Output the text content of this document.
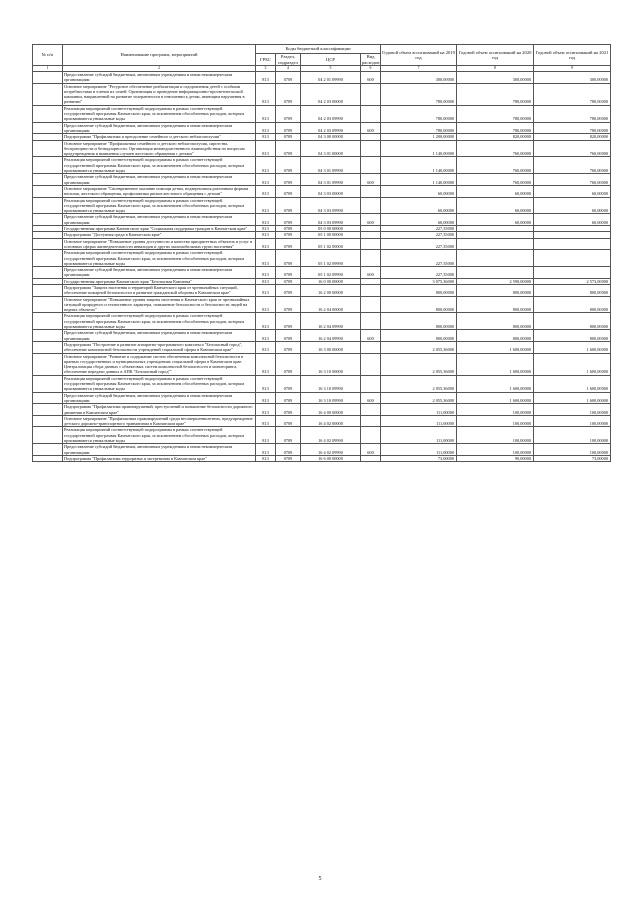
№ п/п	Наименование программ, мероприятий	Коды бюджетной классификации				Годовой объем ассигнований на 2019 год	Годовой объем ассигнований на 2020 год	Годовой объем ассигнований на 2021 год
		ГРБС	Раздел, подраздел	ЦСР	Вид расходов			
1	2	3	4	5	6	7	8	9
	Предоставление субсидий бюджетным, автономным учреждениям и иным некоммерческим организациям	813	0709	04 2 01 09990	600	300,00000	300,00000	300,00000
	Основное мероприятие "Ресурсное обеспечение реабилитации и оздоровления детей с особыми потребностями и членов их семей. Организация и проведение информационно-просветительской кампании, направленной на развитие толерантности в отношении к детям, имеющим нарушения в развитии"	813	0709	04 2 03 00000		780,00000	780,00000	780,00000
	Реализация мероприятий соответствующей подпрограммы в рамках соответствующей государственной программы Камчатского края, за исключением обособленных расходов, которым присваиваются уникальные коды	813	0709	04 2 03 09990		780,00000	780,00000	780,00000
	Предоставление субсидий бюджетным, автономным учреждениям и иным некоммерческим организациям	813	0709	04 2 03 09990	600	780,00000	780,00000	780,00000
	Подпрограмма "Профилактика и преодоление семейного и детского неблагополучия"	813	0709	04 3 00 00000		1 200,00000	820,00000	820,00000
	Основное мероприятие "Профилактика семейного и детского неблагополучия, сиротства, беспризорности и безнадзорности. Организация межведомственного взаимодействия по вопросам предупреждения и выявления случаев жестокого обращения с детьми"	813	0709	04 3 01 00000		1 140,00000	760,00000	760,00000
	Реализация мероприятий соответствующей подпрограммы в рамках соответствующей государственной программы Камчатского края, за исключением обособленных расходов, которым присваиваются уникальные коды	813	0709	04 3 01 09990		1 140,00000	760,00000	760,00000
	Предоставление субсидий бюджетным, автономным учреждениям и иным некоммерческим организациям	813	0709	04 3 01 09990	600	1 140,00000	760,00000	760,00000
	Основное мероприятие "Своевременное оказание помощи детям, подвергшимся различным формам насилия, жестокого обращения, профилактика рисков жестокого обращения с детьми"	813	0709	04 3 03 00000		60,00000	60,00000	60,00000
	Реализация мероприятий соответствующей подпрограммы в рамках соответствующей государственной программы Камчатского края, за исключением обособленных расходов, которым присваиваются уникальные коды	813	0709	04 3 03 09990		60,00000	60,00000	60,00000
	Предоставление субсидий бюджетным, автономным учреждениям и иным некоммерческим организациям	813	0709	04 3 03 09990	600	60,00000	60,00000	60,00000
	Государственная программа Камчатского края "Социальная поддержка граждан в Камчатском крае"	813	0709	05 0 00 00000		227,35000		
	Подпрограмма "Доступная среда в Камчатском крае"	813	0709	05 1 00 00000		227,35000		
	Основное мероприятие "Повышение уровня доступности и качества приоритетных объектов и услуг в основных сферах жизнедеятельности инвалидов и других маломобильных групп населения"	813	0709	05 1 02 00000		227,35000		
	Реализация мероприятий соответствующей подпрограммы в рамках соответствующей государственной программы Камчатского края, за исключением обособленных расходов, которым присваиваются уникальные коды	813	0709	05 1 02 09990		227,35000		
	Предоставление субсидий бюджетным, автономным учреждениям и иным некоммерческим организациям	813	0709	05 1 02 09990	600	227,35000		
	Государственная программа Камчатского края "Безопасная Камчатка"	813	0709	16 0 00 00000		3 075,36000	2 590,00000	2 573,00000
	Подпрограмма "Защита населения и территорий Камчатского края от чрезвычайных ситуаций, обеспечение пожарной безопасности и развитие гражданской обороны в Камчатском крае"	813	0709	16 2 00 00000		800,00000	800,00000	800,00000
	Основное мероприятие "Повышение уровня защиты населения и Камчатского края от чрезвычайных ситуаций природного и техногенного характера, повышение безопасности и безопасности людей на водных объектах"	813	0709	16 2 04 00000		800,00000	800,00000	800,00000
	Реализация мероприятий соответствующей подпрограммы в рамках соответствующей государственной программы Камчатского края, за исключением обособленных расходов, которым присваиваются уникальные коды	813	0709	16 2 04 09990		800,00000	800,00000	800,00000
	Предоставление субсидий бюджетным, автономным учреждениям и иным некоммерческим организациям	813	0709	16 2 04 09990	600	800,00000	800,00000	800,00000
	Подпрограмма "Построение и развитие аппаратно-программного комплекса "Безопасный город", обеспечение комплексной безопасности учреждений социальной сферы в Камчатском крае"	813	0709	16 3 00 00000		2 055,36000	1 600,00000	1 600,00000
	Основное мероприятие "Развитие и содержание систем обеспечения комплексной безопасности в краевых государственных и муниципальных учреждениях социальной сферы в Камчатском крае. Централизация сбора данных с объектовых систем комплексной безопасности и мониторинга, обеспечение передачи данных в АПК "Безопасный город""	813	0709	16 3 10 00000		2 055,36000	1 600,00000	1 600,00000
	Реализация мероприятий соответствующей подпрограммы в рамках соответствующей государственной программы Камчатского края, за исключением обособленных расходов, которым присваиваются уникальные коды	813	0709	16 3 10 09990		2 055,36000	1 600,00000	1 600,00000
	Предоставление субсидий бюджетным, автономным учреждениям и иным некоммерческим организациям	813	0709	16 3 10 09990	600	2 055,36000	1 600,00000	1 600,00000
	Подпрограмма "Профилактика правонарушений, преступлений и повышение безопасности дорожного движения в Камчатском крае"	813	0709	16 4 00 00000		111,00000	100,00000	100,00000
	Основное мероприятие "Профилактика правонарушений среди несовершеннолетних, предупреждение детского дорожно-транспортного травматизма в Камчатском крае"	813	0709	16 4 02 00000		111,00000	100,00000	100,00000
	Реализация мероприятий соответствующей подпрограммы в рамках соответствующей государственной программы Камчатского края, за исключением обособленных расходов, которым присваиваются уникальные коды	813	0709	16 4 02 09990		111,00000	100,00000	100,00000
	Предоставление субсидий бюджетным, автономным учреждениям и иным некоммерческим организациям	813	0709	16 4 02 09990	600	111,00000	100,00000	100,00000
	Подпрограмма "Профилактика терроризма и экстремизма в Камчатском крае"	813	0709	16 6 00 00000		73,00000	90,00000	73,00000
5
